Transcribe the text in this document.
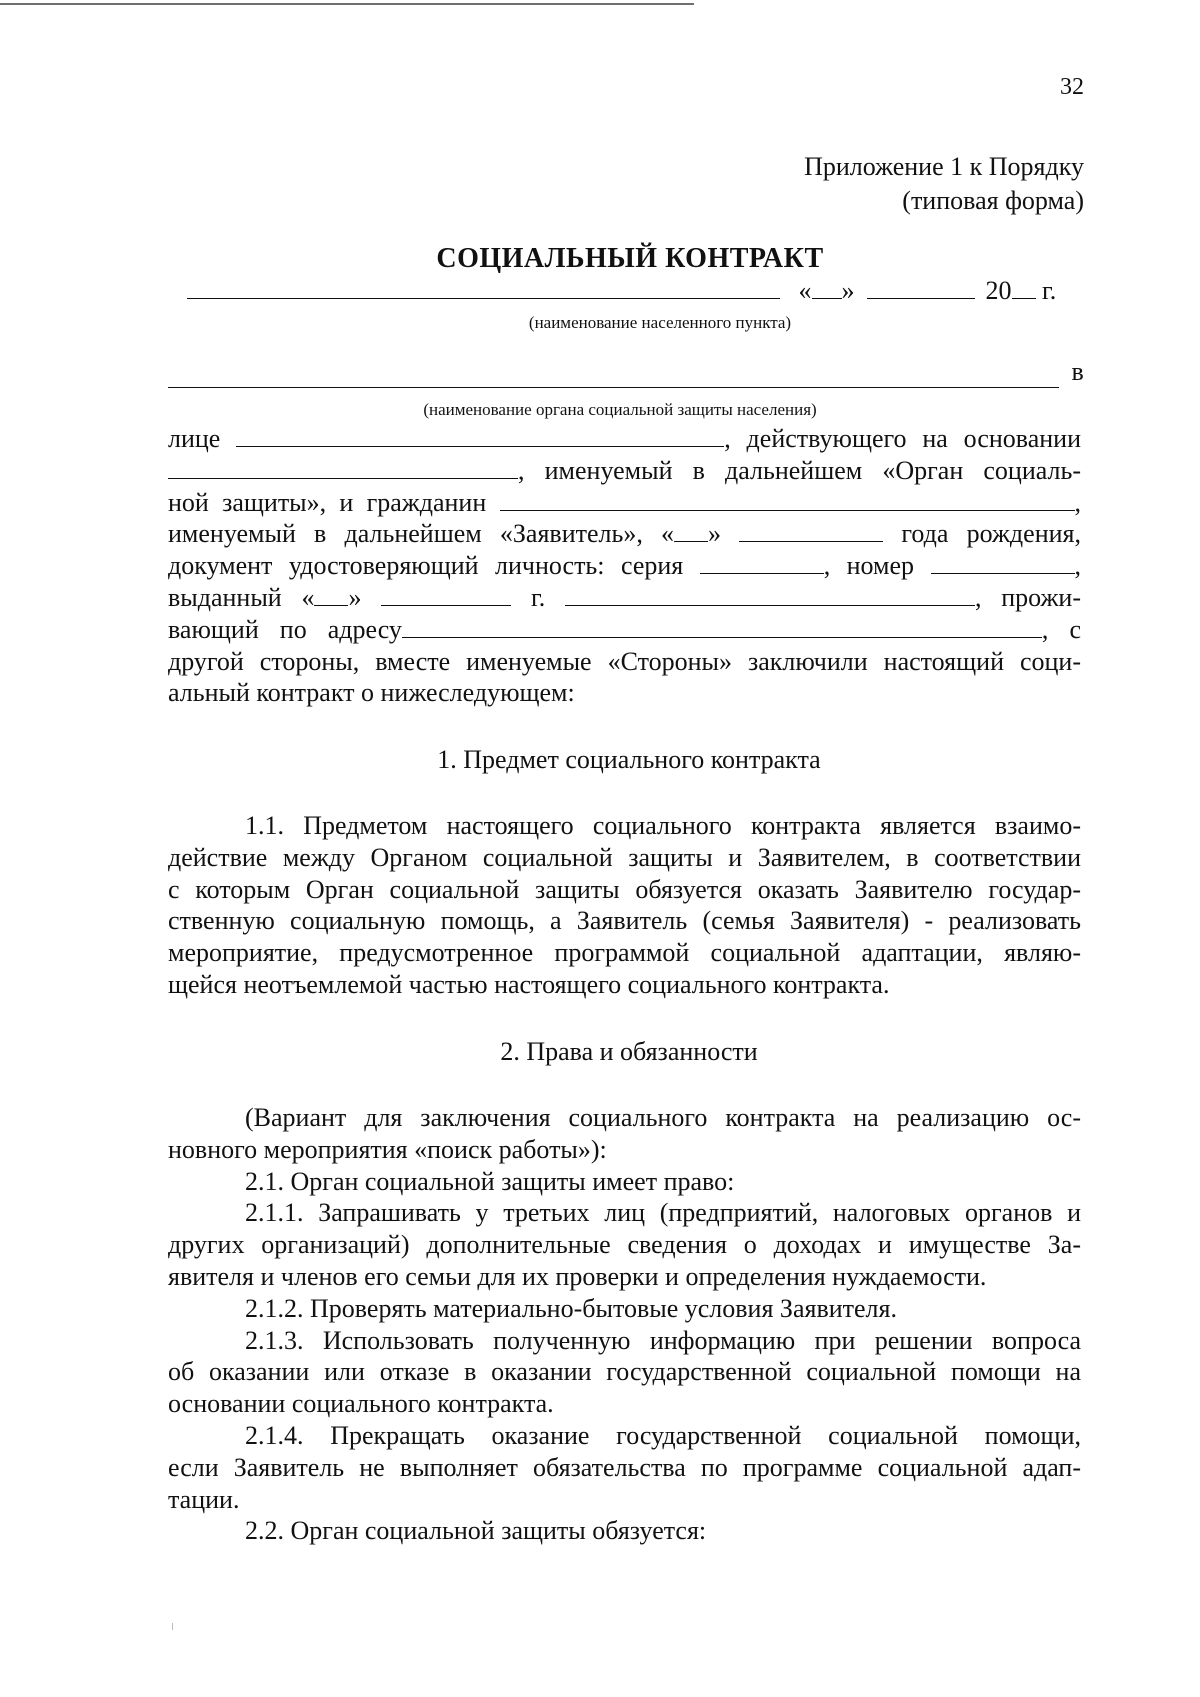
32
Приложение 1 к Порядку
(типовая форма)
СОЦИАЛЬНЫЙ КОНТРАКТ
« »	20 г.
(наименование населенного пункта)
в
(наименование органа социальной защиты населения)
лице	, действующего на основании
, именуемый в дальнейшем «Орган социаль-
ной защиты», и гражданин	,
именуемый в дальнейшем «Заявитель», « »	года рождения,
документ удостоверяющий личность: серия	, номер	,
выданный « »	г.	, прожи-
вающий по адресу	, с
другой стороны, вместе именуемые «Стороны» заключили настоящий соци-
альный контракт о нижеследующем:
1. Предмет социального контракта
1.1. Предметом настоящего социального контракта является взаимо-
действие между Органом социальной защиты и Заявителем, в соответствии
с которым Орган социальной защиты обязуется оказать Заявителю государ-
ственную социальную помощь, а Заявитель (семья Заявителя) - реализовать
мероприятие, предусмотренное программой социальной адаптации, являю-
щейся неотъемлемой частью настоящего социального контракта.
2. Права и обязанности
(Вариант для заключения социального контракта на реализацию ос-
новного мероприятия «поиск работы»):
2.1. Орган социальной защиты имеет право:
2.1.1. Запрашивать у третьих лиц (предприятий, налоговых органов и
других организаций) дополнительные сведения о доходах и имуществе За-
явителя и членов его семьи для их проверки и определения нуждаемости.
2.1.2. Проверять материально-бытовые условия Заявителя.
2.1.3. Использовать полученную информацию при решении вопроса
об оказании или отказе в оказании государственной социальной помощи на
основании социального контракта.
2.1.4. Прекращать оказание государственной социальной помощи,
если Заявитель не выполняет обязательства по программе социальной адап-
тации.
2.2. Орган социальной защиты обязуется:
